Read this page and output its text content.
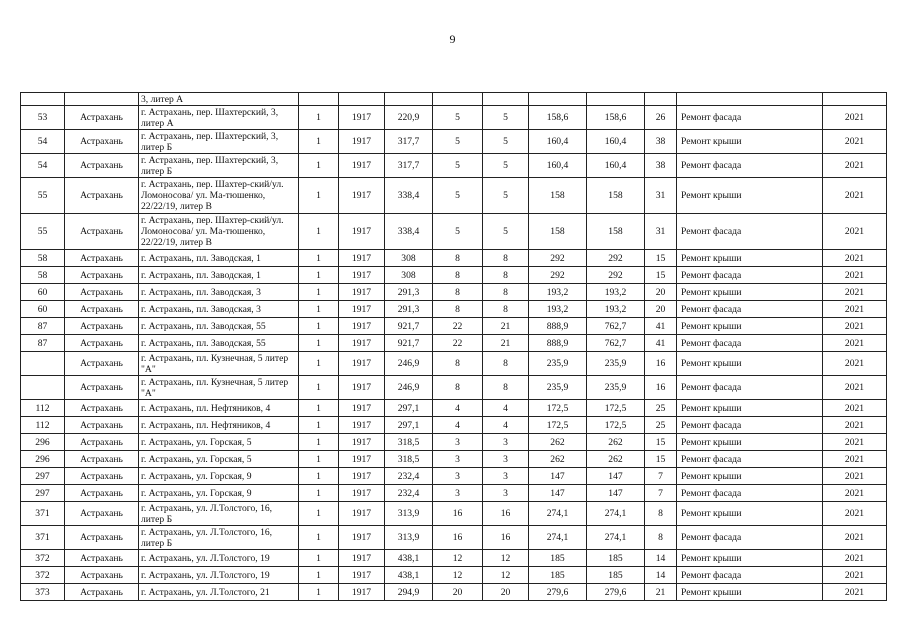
9
		3, литер А										
53	Астрахань	г. Астрахань, пер. Шахтерский, 3, литер А	1	1917	220,9	5	5	158,6	158,6	26	Ремонт фасада	2021
54	Астрахань	г. Астрахань, пер. Шахтерский, 3, литер Б	1	1917	317,7	5	5	160,4	160,4	38	Ремонт крыши	2021
54	Астрахань	г. Астрахань, пер. Шахтерский, 3, литер Б	1	1917	317,7	5	5	160,4	160,4	38	Ремонт фасада	2021
55	Астрахань	г. Астрахань, пер. Шахтер-ский/ул. Ломоносова/ ул. Ма-тюшенко, 22/22/19, литер В	1	1917	338,4	5	5	158	158	31	Ремонт крыши	2021
55	Астрахань	г. Астрахань, пер. Шахтер-ский/ул. Ломоносова/ ул. Ма-тюшенко, 22/22/19, литер В	1	1917	338,4	5	5	158	158	31	Ремонт фасада	2021
58	Астрахань	г. Астрахань, пл. Заводская, 1	1	1917	308	8	8	292	292	15	Ремонт крыши	2021
58	Астрахань	г. Астрахань, пл. Заводская, 1	1	1917	308	8	8	292	292	15	Ремонт фасада	2021
60	Астрахань	г. Астрахань, пл. Заводская, 3	1	1917	291,3	8	8	193,2	193,2	20	Ремонт крыши	2021
60	Астрахань	г. Астрахань, пл. Заводская, 3	1	1917	291,3	8	8	193,2	193,2	20	Ремонт фасада	2021
87	Астрахань	г. Астрахань, пл. Заводская, 55	1	1917	921,7	22	21	888,9	762,7	41	Ремонт крыши	2021
87	Астрахань	г. Астрахань, пл. Заводская, 55	1	1917	921,7	22	21	888,9	762,7	41	Ремонт фасада	2021
	Астрахань	г. Астрахань, пл. Кузнечная, 5 литер "А"	1	1917	246,9	8	8	235,9	235,9	16	Ремонт крыши	2021
	Астрахань	г. Астрахань, пл. Кузнечная, 5 литер "А"	1	1917	246,9	8	8	235,9	235,9	16	Ремонт фасада	2021
112	Астрахань	г. Астрахань, пл. Нефтяников, 4	1	1917	297,1	4	4	172,5	172,5	25	Ремонт крыши	2021
112	Астрахань	г. Астрахань, пл. Нефтяников, 4	1	1917	297,1	4	4	172,5	172,5	25	Ремонт фасада	2021
296	Астрахань	г. Астрахань, ул. Горская, 5	1	1917	318,5	3	3	262	262	15	Ремонт крыши	2021
296	Астрахань	г. Астрахань, ул. Горская, 5	1	1917	318,5	3	3	262	262	15	Ремонт фасада	2021
297	Астрахань	г. Астрахань, ул. Горская, 9	1	1917	232,4	3	3	147	147	7	Ремонт крыши	2021
297	Астрахань	г. Астрахань, ул. Горская, 9	1	1917	232,4	3	3	147	147	7	Ремонт фасада	2021
371	Астрахань	г. Астрахань, ул. Л.Толстого, 16, литер Б	1	1917	313,9	16	16	274,1	274,1	8	Ремонт крыши	2021
371	Астрахань	г. Астрахань, ул. Л.Толстого, 16, литер Б	1	1917	313,9	16	16	274,1	274,1	8	Ремонт фасада	2021
372	Астрахань	г. Астрахань, ул. Л.Толстого, 19	1	1917	438,1	12	12	185	185	14	Ремонт крыши	2021
372	Астрахань	г. Астрахань, ул. Л.Толстого, 19	1	1917	438,1	12	12	185	185	14	Ремонт фасада	2021
373	Астрахань	г. Астрахань, ул. Л.Толстого, 21	1	1917	294,9	20	20	279,6	279,6	21	Ремонт крыши	2021
